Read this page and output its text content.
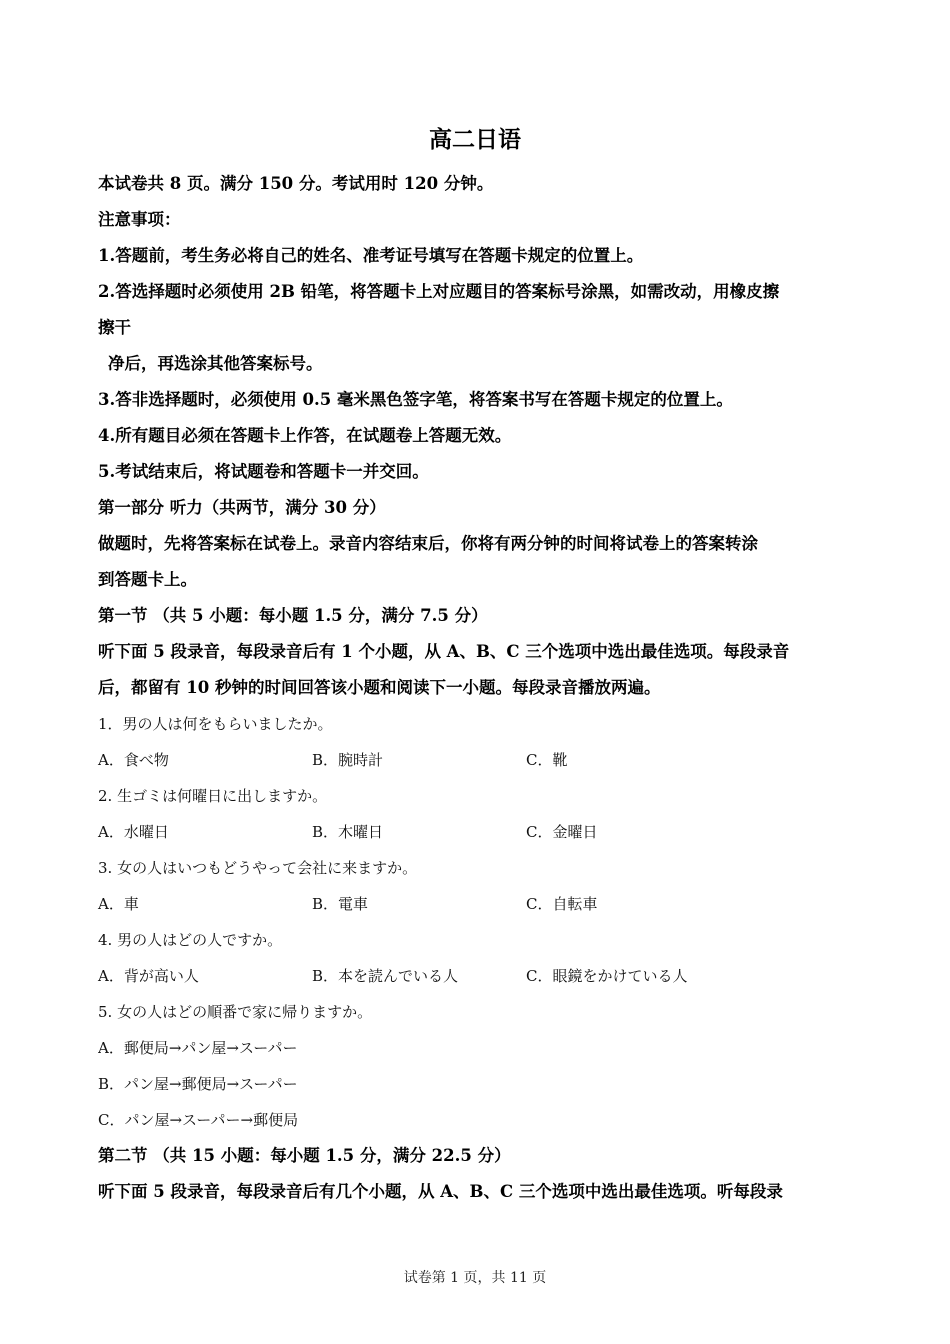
高二日语
本试卷共 8 页。满分 150 分。考试用时 120 分钟。
注意事项：
1.答题前，考生务必将自己的姓名、准考证号填写在答题卡规定的位置上。
2.答选择题时必须使用 2B 铅笔，将答题卡上对应题目的答案标号涂黑，如需改动，用橡皮擦
擦干
净后，再选涂其他答案标号。
3.答非选择题时，必须使用 0.5 毫米黑色签字笔，将答案书写在答题卡规定的位置上。
4.所有题目必须在答题卡上作答，在试题卷上答题无效。
5.考试结束后，将试题卷和答题卡一并交回。
第一部分 听力（共两节，满分 30 分）
做题时，先将答案标在试卷上。录音内容结束后，你将有两分钟的时间将试卷上的答案转涂
到答题卡上。
第一节 （共 5 小题：每小题 1.5 分，满分 7.5 分）
听下面 5 段录音，每段录音后有 1 个小题，从 A、B、C 三个选项中选出最佳选项。每段录音
后，都留有 10 秒钟的时间回答该小题和阅读下一小题。每段录音播放两遍。
1．男の人は何をもらいましたか。
A．食べ物	B．腕時計	C．靴
2. 生ゴミは何曜日に出しますか。
A．水曜日	B．木曜日	C．金曜日
3. 女の人はいつもどうやって会社に来ますか。
A．車	B．電車	C．自転車
4. 男の人はどの人ですか。
A．背が高い人	B．本を読んでいる人	C．眼鏡をかけている人
5. 女の人はどの順番で家に帰りますか。
A．郵便局→パン屋→スーパー
B．パン屋→郵便局→スーパー
C．パン屋→スーパー→郵便局
第二节 （共 15 小题：每小题 1.5 分，满分 22.5 分）
听下面 5 段录音，每段录音后有几个小题，从 A、B、C 三个选项中选出最佳选项。听每段录
试卷第 1 页，共 11 页
